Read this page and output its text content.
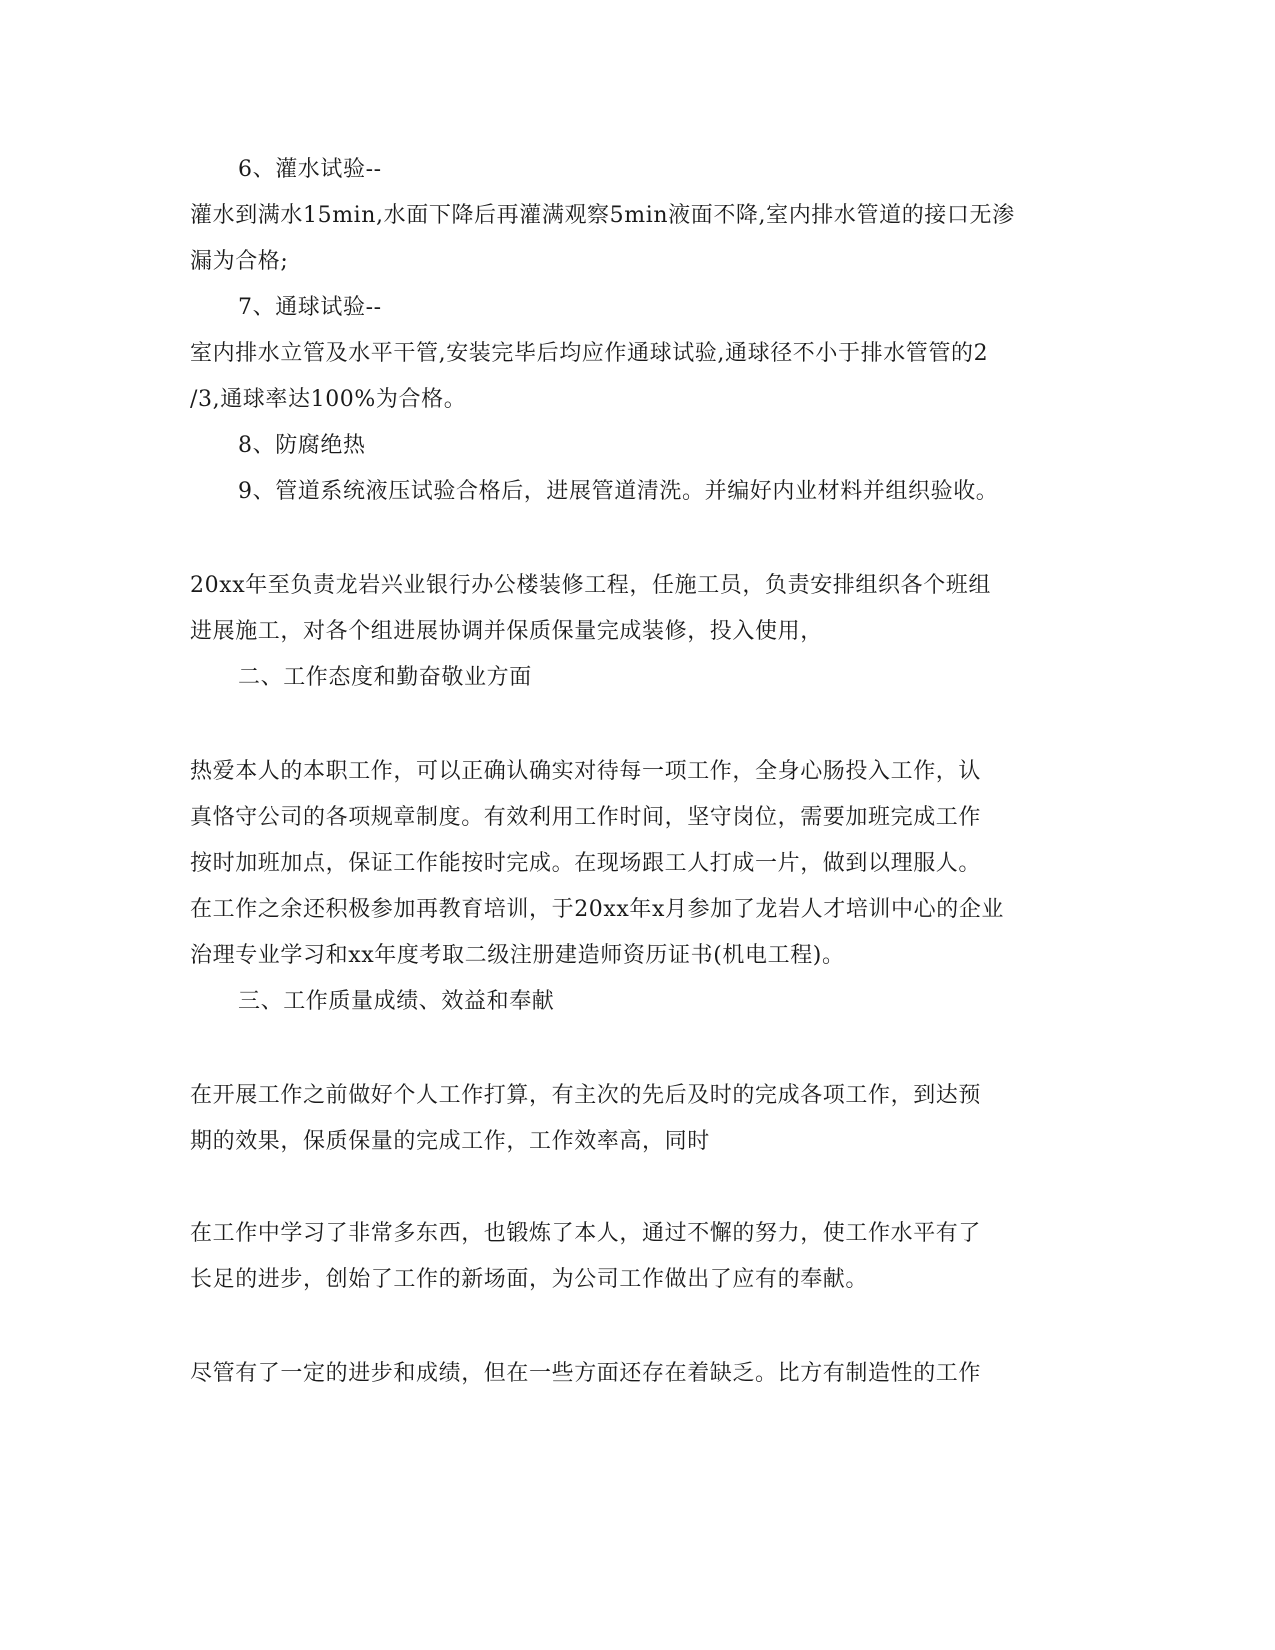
6、灌水试验--
灌水到满水15min,水面下降后再灌满观察5min液面不降,室内排水管道的接口无渗
漏为合格;
7、通球试验--
室内排水立管及水平干管,安装完毕后均应作通球试验,通球径不小于排水管管的2
/3,通球率达100%为合格。
8、防腐绝热
9、管道系统液压试验合格后，进展管道清洗。并编好内业材料并组织验收。
20xx年至负责龙岩兴业银行办公楼装修工程，任施工员，负责安排组织各个班组
进展施工，对各个组进展协调并保质保量完成装修，投入使用，
二、工作态度和勤奋敬业方面
热爱本人的本职工作，可以正确认确实对待每一项工作，全身心肠投入工作，认
真恪守公司的各项规章制度。有效利用工作时间，坚守岗位，需要加班完成工作
按时加班加点，保证工作能按时完成。在现场跟工人打成一片，做到以理服人。
在工作之余还积极参加再教育培训，于20xx年x月参加了龙岩人才培训中心的企业
治理专业学习和xx年度考取二级注册建造师资历证书(机电工程)。
三、工作质量成绩、效益和奉献
在开展工作之前做好个人工作打算，有主次的先后及时的完成各项工作，到达预
期的效果，保质保量的完成工作，工作效率高，同时
在工作中学习了非常多东西，也锻炼了本人，通过不懈的努力，使工作水平有了
长足的进步，创始了工作的新场面，为公司工作做出了应有的奉献。
尽管有了一定的进步和成绩，但在一些方面还存在着缺乏。比方有制造性的工作
